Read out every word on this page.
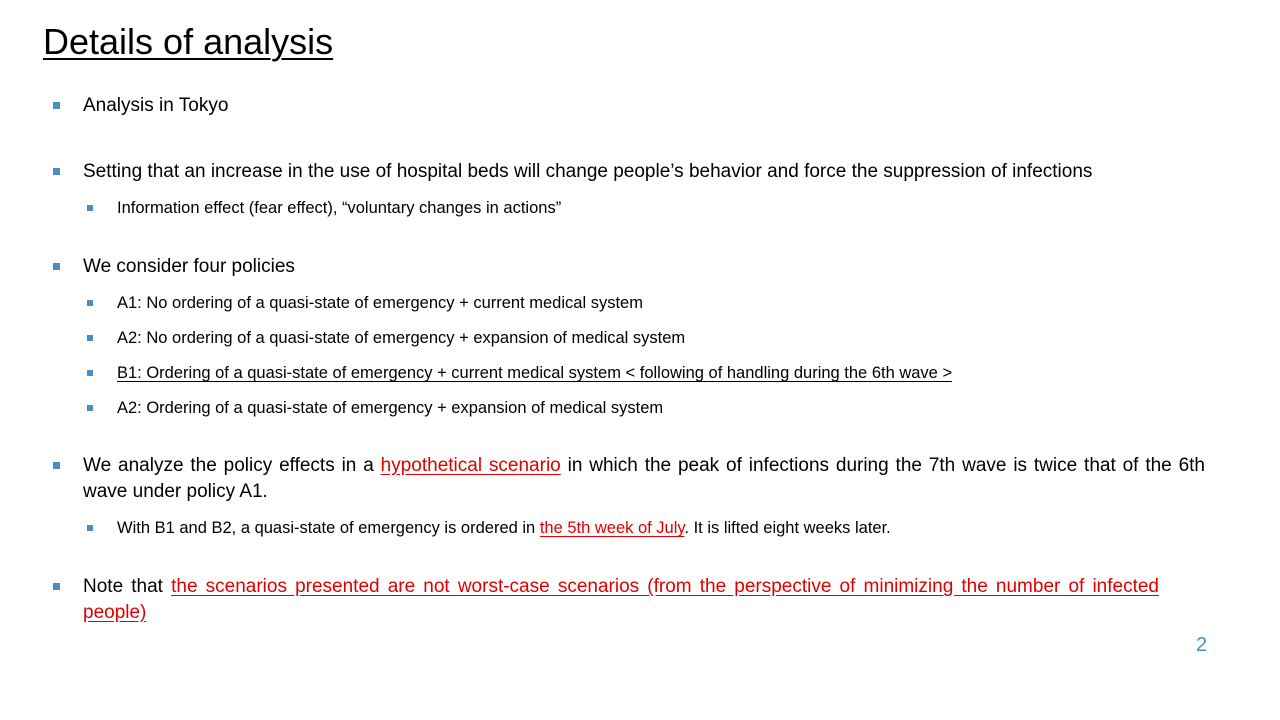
Details of analysis
Analysis in Tokyo
Setting that an increase in the use of hospital beds will change people’s behavior and force the suppression of infections
Information effect (fear effect), “voluntary changes in actions”
We consider four policies
A1: No ordering of a quasi-state of emergency + current medical system
A2: No ordering of a quasi-state of emergency + expansion of medical system
B1: Ordering of a quasi-state of emergency + current medical system < following of handling during the 6th wave >
A2: Ordering of a quasi-state of emergency + expansion of medical system
We analyze the policy effects in a hypothetical scenario in which the peak of infections during the 7th wave is twice that of the 6th wave under policy A1.
With B1 and B2, a quasi-state of emergency is ordered in the 5th week of July. It is lifted eight weeks later.
Note that the scenarios presented are not worst-case scenarios (from the perspective of minimizing the number of infected people)
2
